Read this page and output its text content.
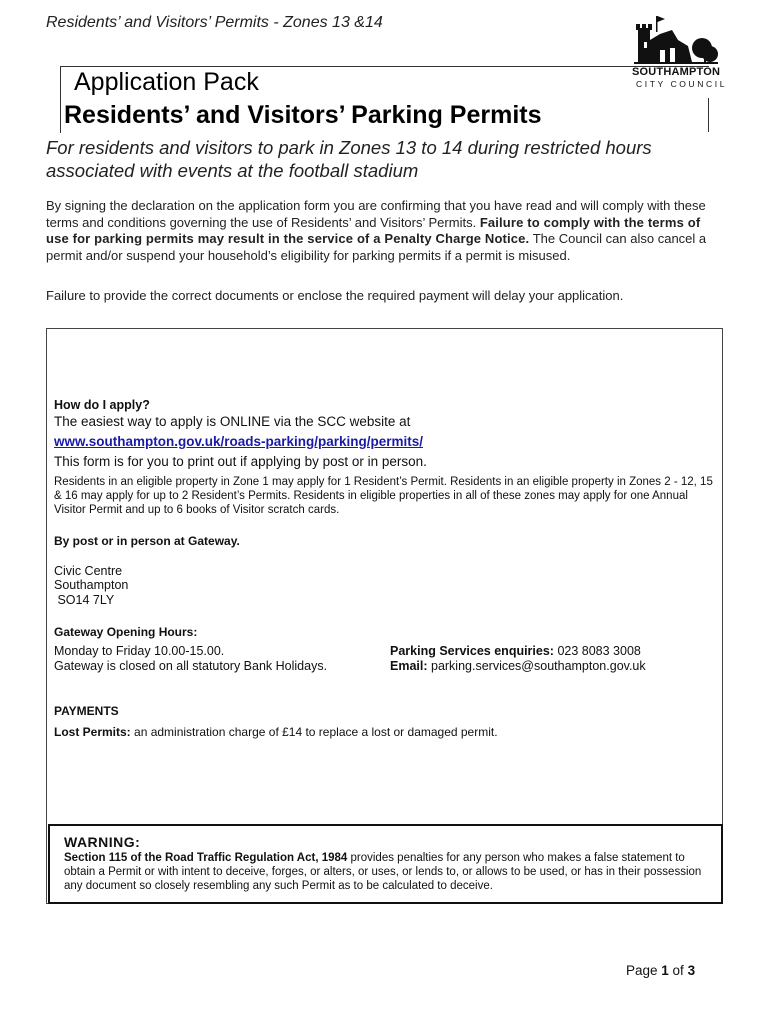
Residents’ and Visitors’ Permits - Zones 13 &14
SOUTHAMPTON
CITY COUNCIL
Application Pack
Residents’ and Visitors’ Parking Permits
For residents and visitors to park in Zones 13 to 14 during restricted hours associated with events at the football stadium
By signing the declaration on the application form you are confirming that you have read and will comply with these terms and conditions governing the use of Residents’ and Visitors’ Permits. Failure to comply with the terms of use for parking permits may result in the service of a Penalty Charge Notice. The Council can also cancel a permit and/or suspend your household’s eligibility for parking permits if a permit is misused.
Failure to provide the correct documents or enclose the required payment will delay your application.
How do I apply?
The easiest way to apply is ONLINE via the SCC website at
www.southampton.gov.uk/roads-parking/parking/permits/
This form is for you to print out if applying by post or in person.
Residents in an eligible property in Zone 1 may apply for 1 Resident’s Permit. Residents in an eligible property in Zones 2 - 12, 15 & 16 may apply for up to 2 Resident’s Permits. Residents in eligible properties in all of these zones may apply for one Annual Visitor Permit and up to 6 books of Visitor scratch cards.
By post or in person at Gateway.
Civic Centre
Southampton
SO14 7LY
Gateway Opening Hours:
Monday to Friday 10.00-15.00.
Gateway is closed on all statutory Bank Holidays.
Parking Services enquiries: 023 8083 3008
Email: parking.services@southampton.gov.uk
PAYMENTS
Lost Permits: an administration charge of £14 to replace a lost or damaged permit.
WARNING:
Section 115 of the Road Traffic Regulation Act, 1984 provides penalties for any person who makes a false statement to obtain a Permit or with intent to deceive, forges, or alters, or uses, or lends to, or allows to be used, or has in their possession any document so closely resembling any such Permit as to be calculated to deceive.
Page 1 of 3
